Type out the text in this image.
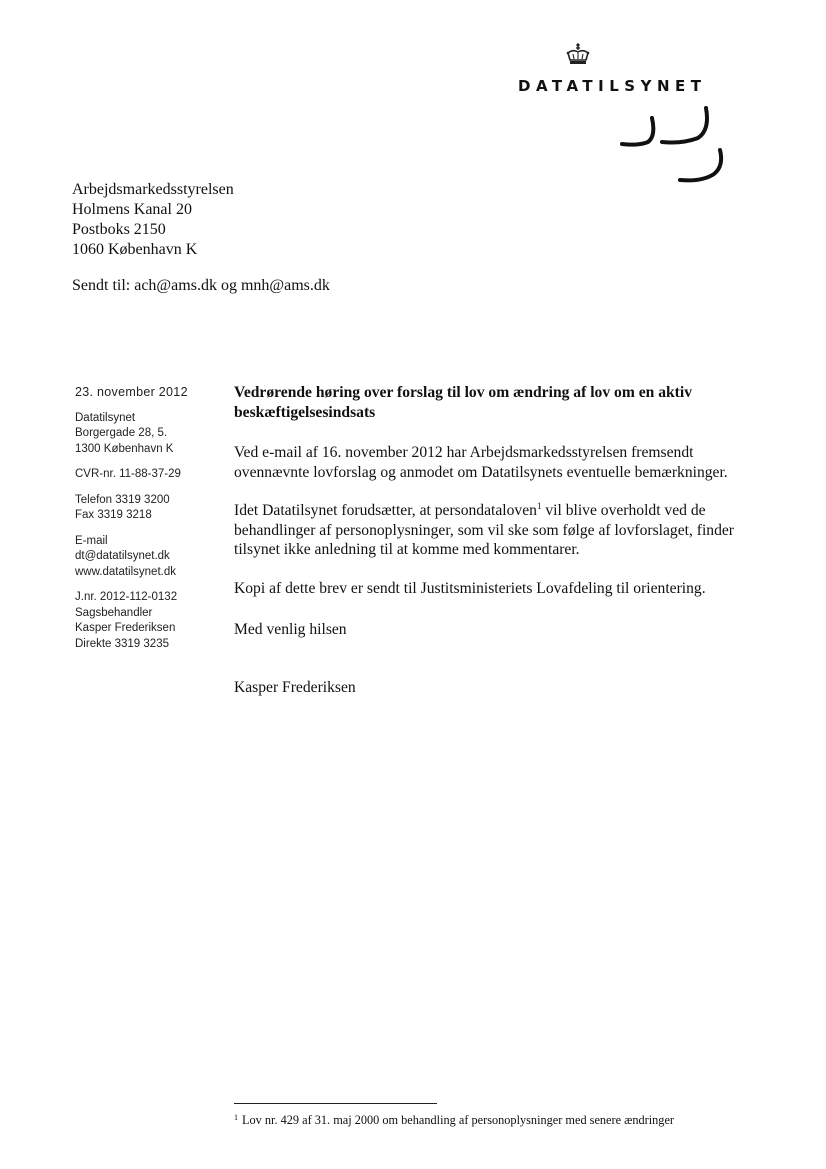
DATATILSYNET
Arbejdsmarkedsstyrelsen
Holmens Kanal 20
Postboks 2150
1060 København K
Sendt til: ach@ams.dk og mnh@ams.dk
23. november 2012
Datatilsynet
Borgergade 28, 5.
1300 København K
CVR-nr. 11-88-37-29
Telefon 3319 3200
Fax 3319 3218
E-mail
dt@datatilsynet.dk
www.datatilsynet.dk
J.nr. 2012-112-0132
Sagsbehandler
Kasper Frederiksen
Direkte 3319 3235

Vedrørende høring over forslag til lov om ændring af lov om en aktiv beskæftigelsesindsats

Ved e-mail af 16. november 2012 har Arbejdsmarkedsstyrelsen fremsendt ovennævnte lovforslag og anmodet om Datatilsynets eventuelle bemærkninger.

Idet Datatilsynet forudsætter, at persondataloven$^1$ vil blive overholdt ved de behandlinger af personoplysninger, som vil ske som følge af lovforslaget, finder tilsynet ikke anledning til at komme med kommentarer.

Kopi af dette brev er sendt til Justitsministeriets Lovafdeling til orientering.

Med venlig hilsen
Kasper Frederiksen
$^1$ Lov nr. 429 af 31. maj 2000 om behandling af personoplysninger med senere ændringer
